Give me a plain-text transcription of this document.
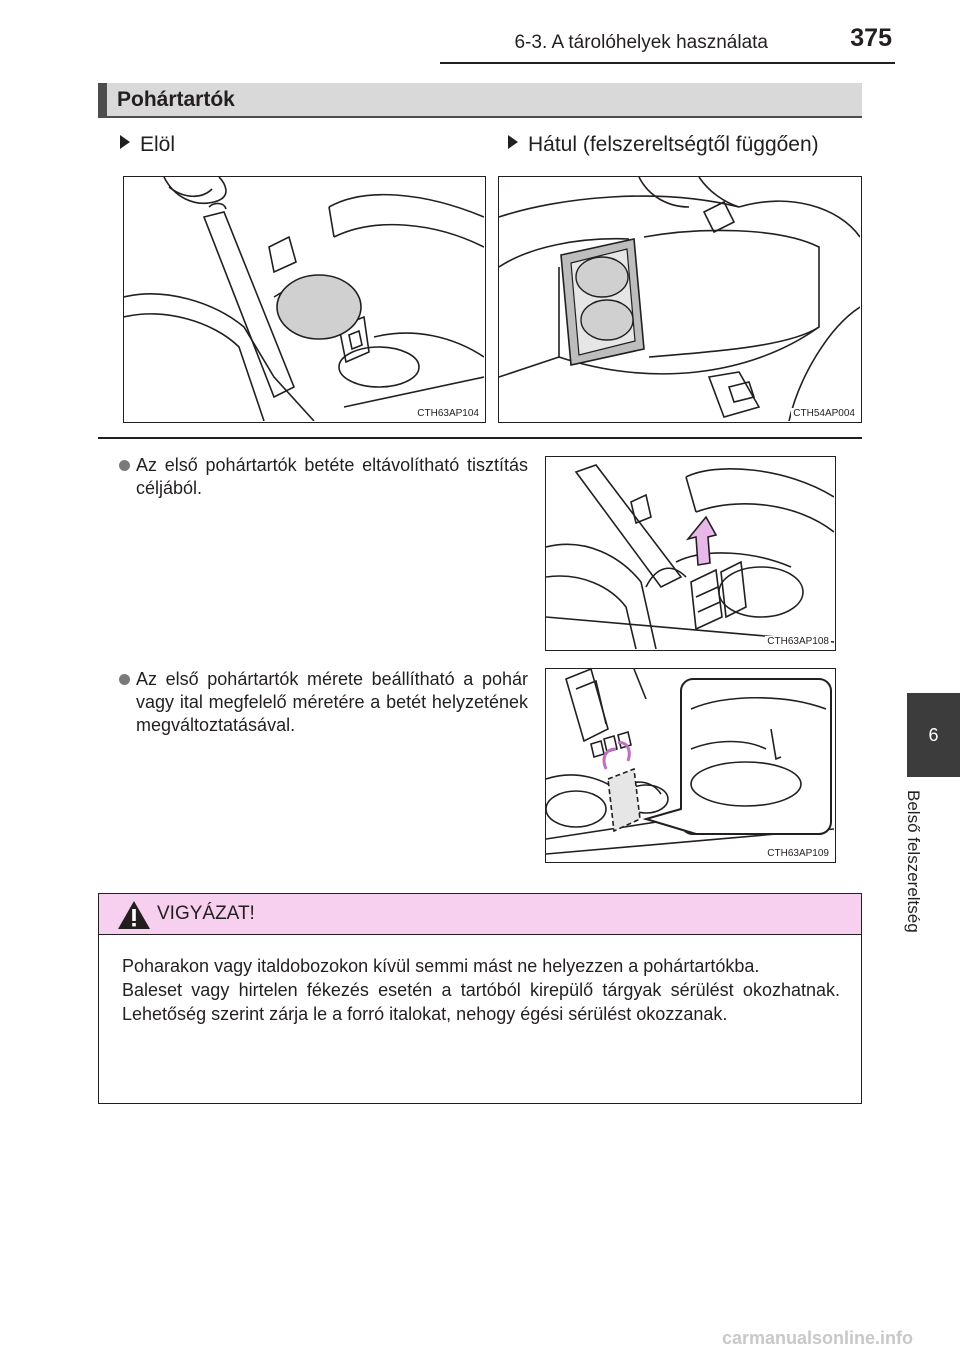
6-3. A tárolóhelyek használata	375
6
Belső felszereltség
Pohártartók
Elöl	Hátul (felszereltségtől függően)
CTH63AP104	CTH54AP004
Az első pohártartók betéte eltávolítható tisztítás céljából.
CTH63AP108
Az első pohártartók mérete beállítható a pohár vagy ital megfelelő méretére a betét helyzetének megváltoztatásával.
CTH63AP109
VIGYÁZAT!

Poharakon vagy italdobozokon kívül semmi mást ne helyezzen a pohártartókba.

Baleset vagy hirtelen fékezés esetén a tartóból kirepülő tárgyak sérülést okozhatnak. Lehetőség szerint zárja le a forró italokat, nehogy égési sérülést okozzanak.

carmanualsonline.info
